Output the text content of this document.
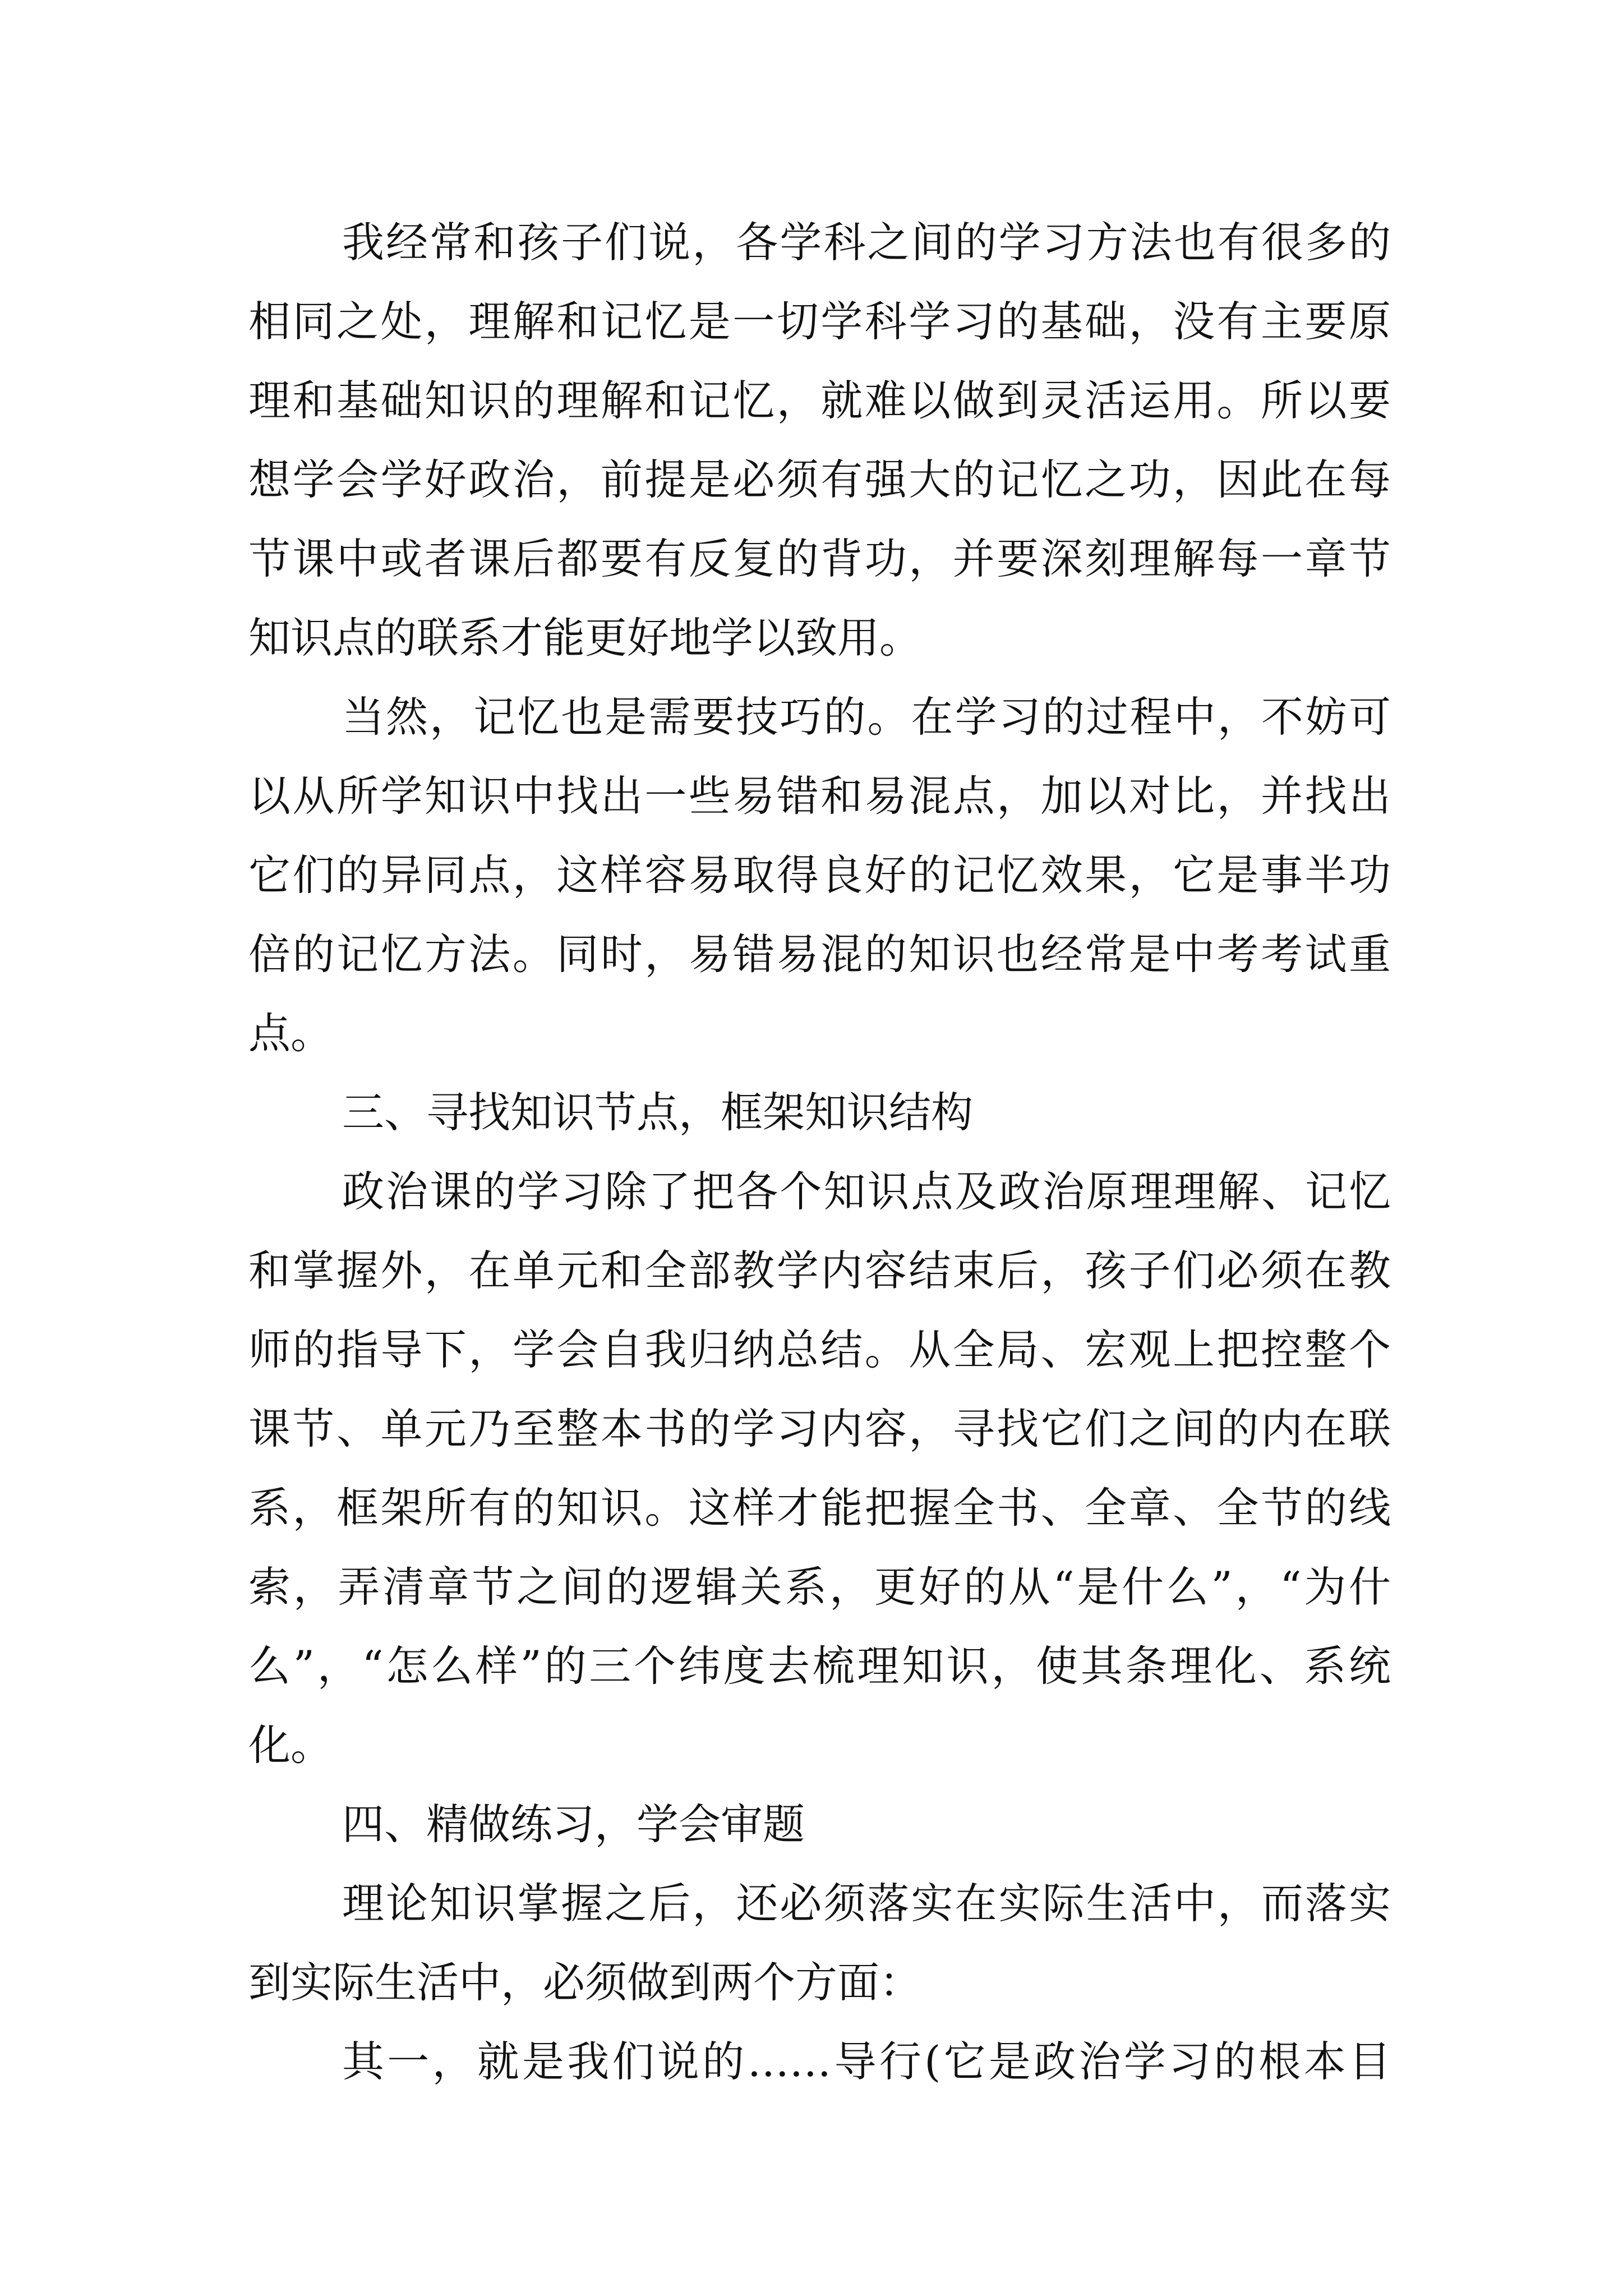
我经常和孩子们说，各学科之间的学习方法也有很多的
相同之处，理解和记忆是一切学科学习的基础，没有主要原
理和基础知识的理解和记忆，就难以做到灵活运用。所以要
想学会学好政治，前提是必须有强大的记忆之功，因此在每
节课中或者课后都要有反复的背功，并要深刻理解每一章节
知识点的联系才能更好地学以致用。
当然，记忆也是需要技巧的。在学习的过程中，不妨可
以从所学知识中找出一些易错和易混点，加以对比，并找出
它们的异同点，这样容易取得良好的记忆效果，它是事半功
倍的记忆方法。同时，易错易混的知识也经常是中考考试重
点。
三、寻找知识节点，框架知识结构
政治课的学习除了把各个知识点及政治原理理解、记忆
和掌握外，在单元和全部教学内容结束后，孩子们必须在教
师的指导下，学会自我归纳总结。从全局、宏观上把控整个
课节、单元乃至整本书的学习内容，寻找它们之间的内在联
系，框架所有的知识。这样才能把握全书、全章、全节的线
索，弄清章节之间的逻辑关系，更好的从“是什么”，“为什
么”，“怎么样”的三个纬度去梳理知识，使其条理化、系统
化。
四、精做练习，学会审题
理论知识掌握之后，还必须落实在实际生活中，而落实
到实际生活中，必须做到两个方面：
其一，就是我们说的……导行(它是政治学习的根本目
